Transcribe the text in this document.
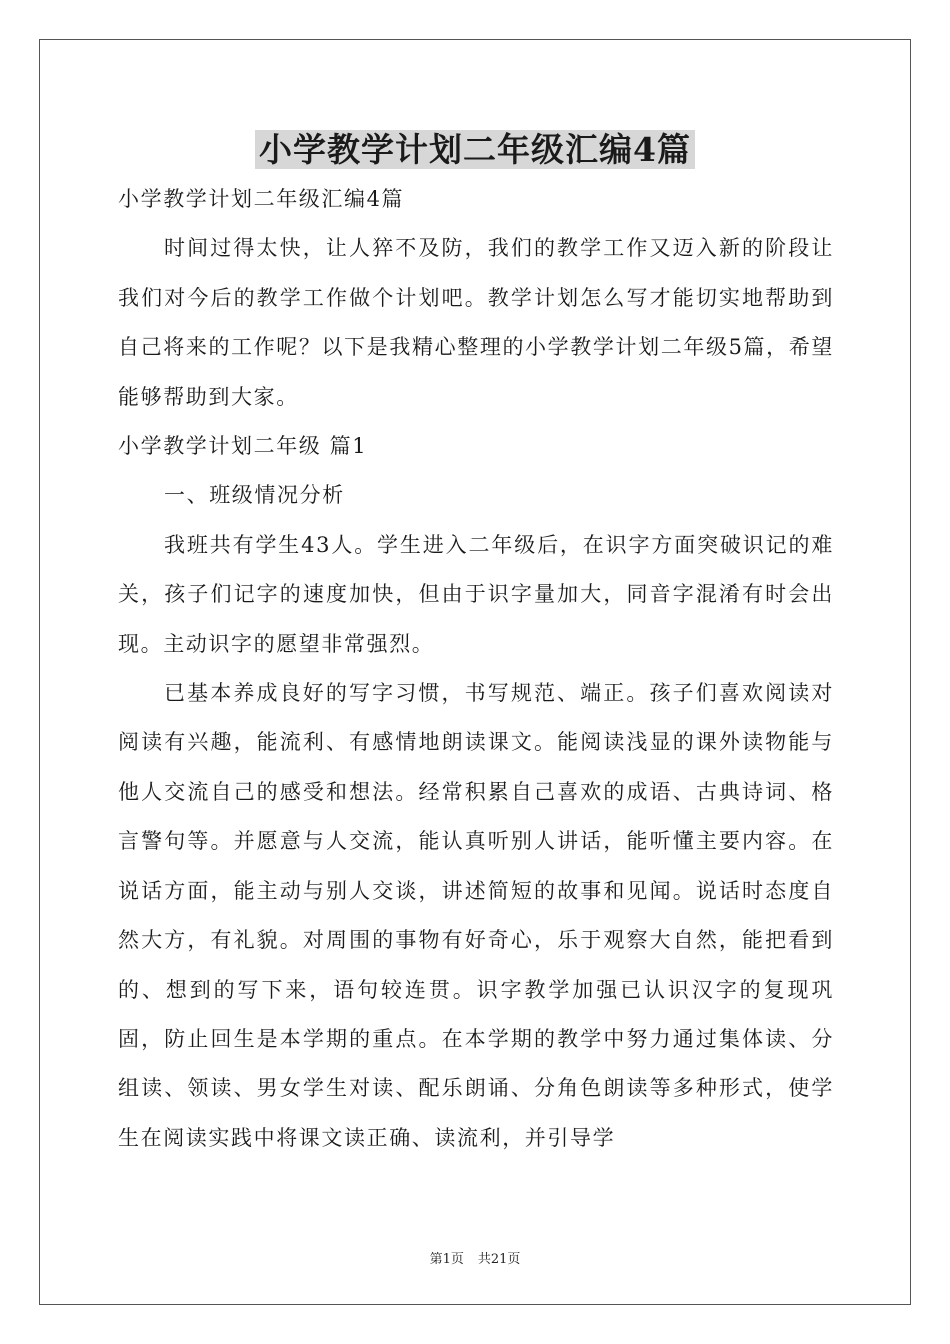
小学教学计划二年级汇编4篇

小学教学计划二年级汇编4篇

时间过得太快，让人猝不及防，我们的教学工作又迈入新的阶段让我们对今后的教学工作做个计划吧。教学计划怎么写才能切实地帮助到自己将来的工作呢？以下是我精心整理的小学教学计划二年级5篇，希望能够帮助到大家。

小学教学计划二年级 篇1

一、班级情况分析

我班共有学生43人。学生进入二年级后，在识字方面突破识记的难关，孩子们记字的速度加快，但由于识字量加大，同音字混淆有时会出现。主动识字的愿望非常强烈。

已基本养成良好的写字习惯，书写规范、端正。孩子们喜欢阅读对阅读有兴趣，能流利、有感情地朗读课文。能阅读浅显的课外读物能与他人交流自己的感受和想法。经常积累自己喜欢的成语、古典诗词、格言警句等。并愿意与人交流，能认真听别人讲话，能听懂主要内容。在说话方面，能主动与别人交谈，讲述简短的故事和见闻。说话时态度自然大方，有礼貌。对周围的事物有好奇心，乐于观察大自然，能把看到的、想到的写下来，语句较连贯。识字教学加强已认识汉字的复现巩固，防止回生是本学期的重点。在本学期的教学中努力通过集体读、分组读、领读、男女学生对读、配乐朗诵、分角色朗读等多种形式，使学生在阅读实践中将课文读正确、读流利，并引导学

第1页 共21页
